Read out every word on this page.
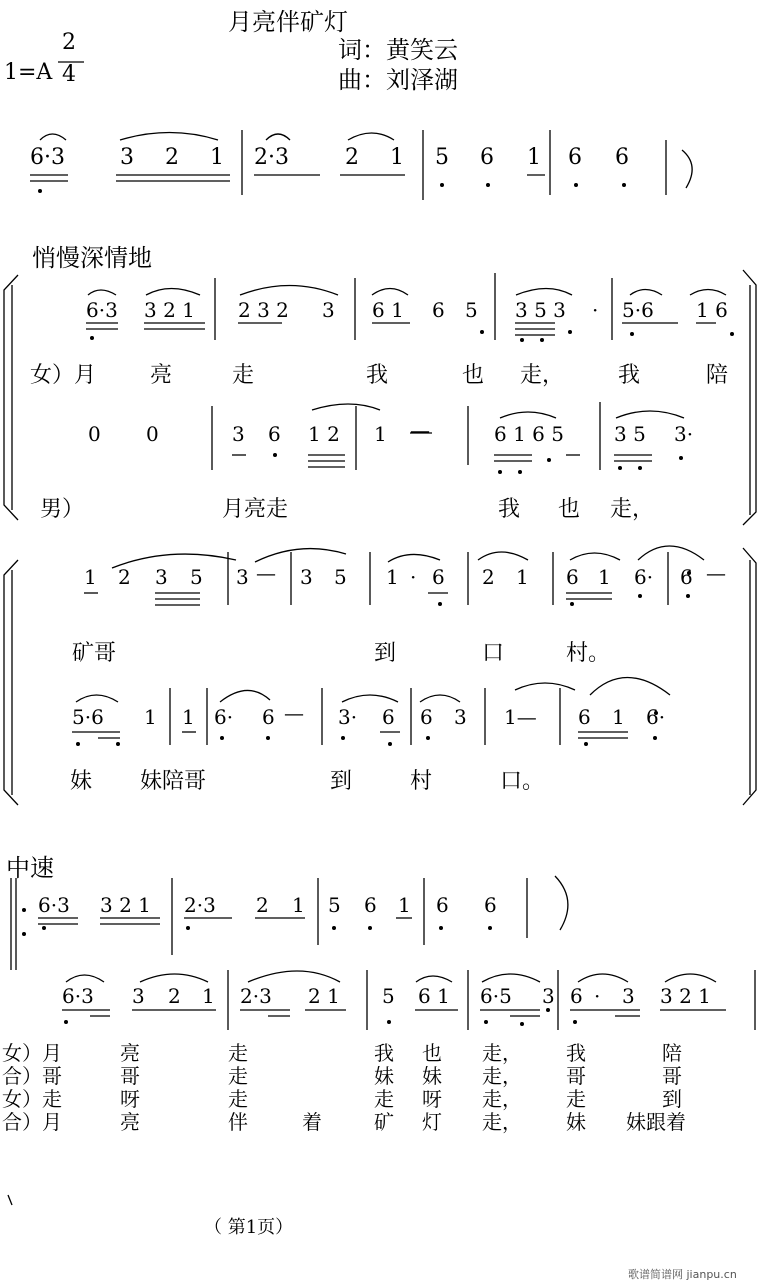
月亮伴矿灯
词：黄笑云
曲：刘泽湖
1=A
2
4
6·3	3 2 1 2·3	2 1 5 6 1 6 6
悄慢深情地
6·3 3 2 1 2 3 2 3 6 1 6 5 3 5 3 · 5·6 1 6
女）月 亮	走	我	也 走， 我	陪
0 0	3 6 1 2 1 —	6 1 6 5	3 5 3·
男）	月亮走	我 也 走，
1 2 3 5 3 — 3 5 1 · 6 2 1 6 1 6· 6 —
矿哥	到	口	村。
5·6 1 1 6· 6 — 3· 6 6 3 1— 6 1 6·
妹 妹陪哥	到	村	口。
中速
6·3 3 2 1 2·3 2 1 5 6 1 6 6
6·3 3 2 1 2·3 2 1 5 6 1 6·5 3 6 · 3 3 2 1
女）月	亮	走	我 也 走， 我	陪
合）哥	哥	走	妹 妹 走， 哥	哥
女）走	呀	走	走 呀 走， 走	到
合）月	亮	伴	着	矿 灯 走， 妹 妹跟着
（ 第1页）
歌谱简谱网 jianpu.cn
